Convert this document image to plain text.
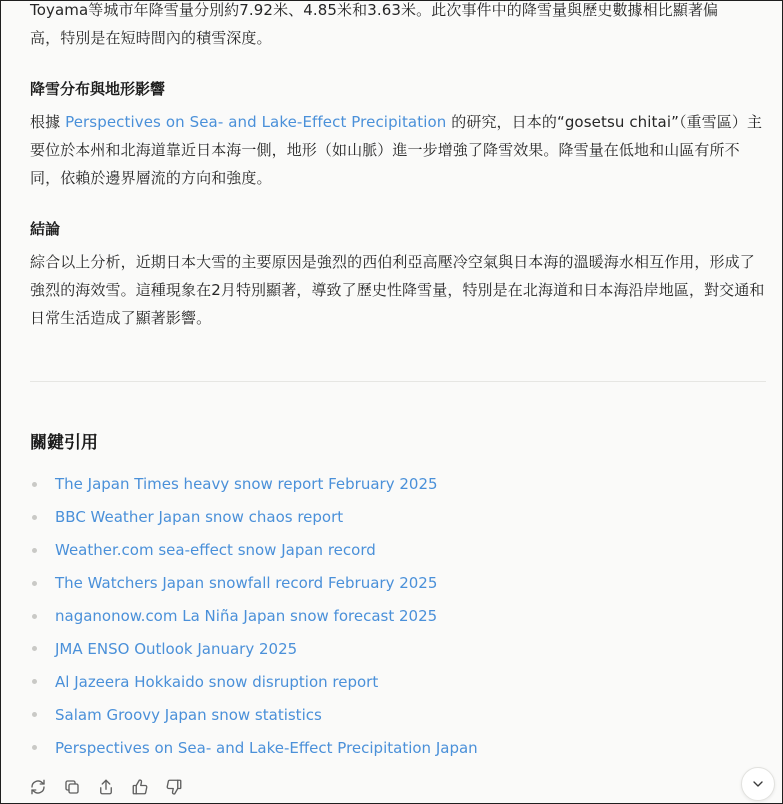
Toyama等城市年降雪量分別約7.92米、4.85米和3.63米。此次事件中的降雪量與歷史數據相比顯著偏
高，特別是在短時間內的積雪深度。
降雪分布與地形影響
根據 Perspectives on Sea- and Lake-Effect Precipitation 的研究，日本的“gosetsu chitai”（重雪區）主要位於本州和北海道靠近日本海一側，地形（如山脈）進一步增強了降雪效果。降雪量在低地和山區有所不同，依賴於邊界層流的方向和強度。
結論
綜合以上分析，近期日本大雪的主要原因是強烈的西伯利亞高壓冷空氣與日本海的溫暖海水相互作用，形成了強烈的海效雪。這種現象在2月特別顯著，導致了歷史性降雪量，特別是在北海道和日本海沿岸地區，對交通和日常生活造成了顯著影響。
關鍵引用
The Japan Times heavy snow report February 2025
BBC Weather Japan snow chaos report
Weather.com sea-effect snow Japan record
The Watchers Japan snowfall record February 2025
naganonow.com La Niña Japan snow forecast 2025
JMA ENSO Outlook January 2025
Al Jazeera Hokkaido snow disruption report
Salam Groovy Japan snow statistics
Perspectives on Sea- and Lake-Effect Precipitation Japan
